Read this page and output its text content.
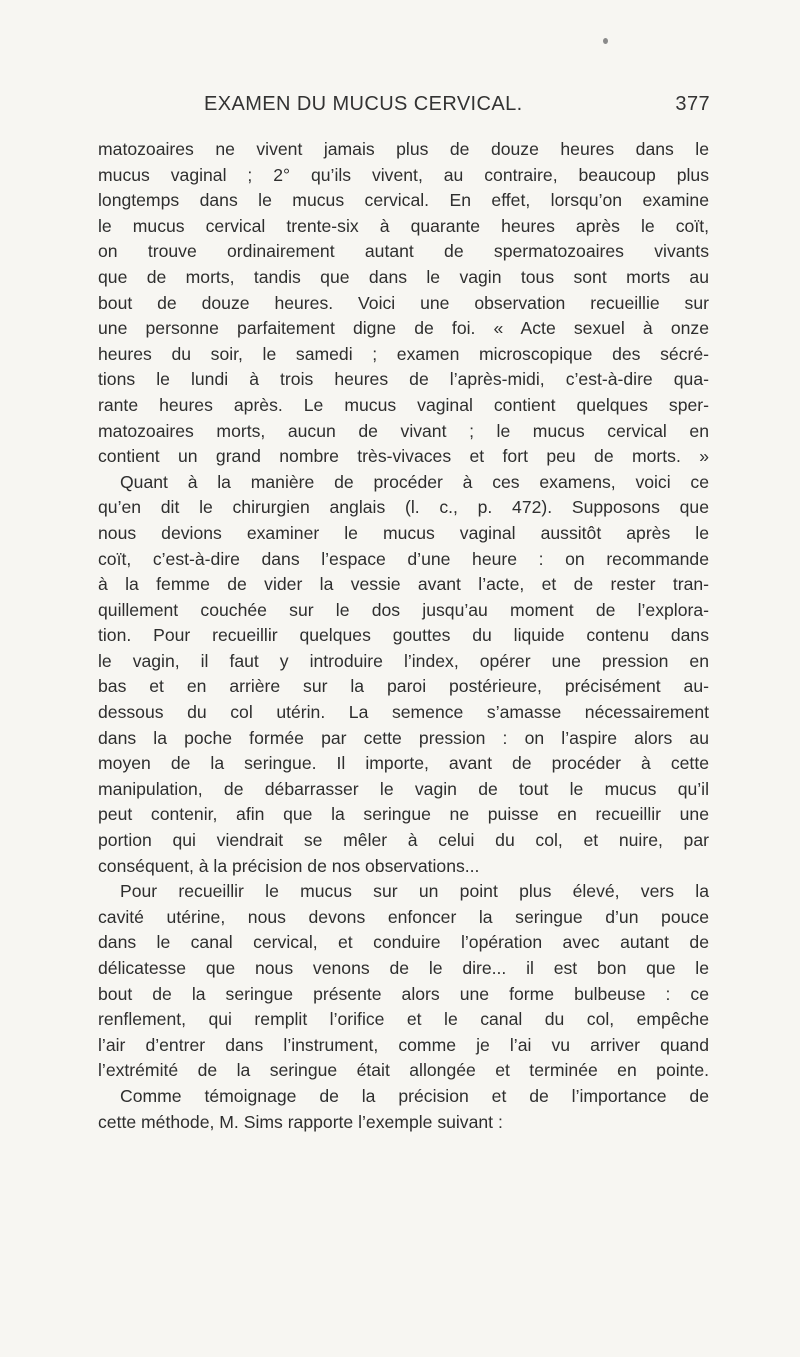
EXAMEN DU MUCUS CERVICAL.	377
matozoaires ne vivent jamais plus de douze heures dans le
mucus vaginal ; 2° qu’ils vivent, au contraire, beaucoup plus
longtemps dans le mucus cervical. En effet, lorsqu’on examine
le mucus cervical trente-six à quarante heures après le coït,
on trouve ordinairement autant de spermatozoaires vivants
que de morts, tandis que dans le vagin tous sont morts au
bout de douze heures. Voici une observation recueillie sur
une personne parfaitement digne de foi. « Acte sexuel à onze
heures du soir, le samedi ; examen microscopique des sécré-
tions le lundi à trois heures de l’après-midi, c’est-à-dire qua-
rante heures après. Le mucus vaginal contient quelques sper-
matozoaires morts, aucun de vivant ; le mucus cervical en
contient un grand nombre très-vivaces et fort peu de morts. »
Quant à la manière de procéder à ces examens, voici ce
qu’en dit le chirurgien anglais (l. c., p. 472). Supposons que
nous devions examiner le mucus vaginal aussitôt après le
coït, c’est-à-dire dans l’espace d’une heure : on recommande
à la femme de vider la vessie avant l’acte, et de rester tran-
quillement couchée sur le dos jusqu’au moment de l’explora-
tion. Pour recueillir quelques gouttes du liquide contenu dans
le vagin, il faut y introduire l’index, opérer une pression en
bas et en arrière sur la paroi postérieure, précisément au-
dessous du col utérin. La semence s’amasse nécessairement
dans la poche formée par cette pression : on l’aspire alors au
moyen de la seringue. Il importe, avant de procéder à cette
manipulation, de débarrasser le vagin de tout le mucus qu’il
peut contenir, afin que la seringue ne puisse en recueillir une
portion qui viendrait se mêler à celui du col, et nuire, par
conséquent, à la précision de nos observations...
Pour recueillir le mucus sur un point plus élevé, vers la
cavité utérine, nous devons enfoncer la seringue d’un pouce
dans le canal cervical, et conduire l’opération avec autant de
délicatesse que nous venons de le dire... il est bon que le
bout de la seringue présente alors une forme bulbeuse : ce
renflement, qui remplit l’orifice et le canal du col, empêche
l’air d’entrer dans l’instrument, comme je l’ai vu arriver quand
l’extrémité de la seringue était allongée et terminée en pointe.
Comme témoignage de la précision et de l’importance de
cette méthode, M. Sims rapporte l’exemple suivant :
